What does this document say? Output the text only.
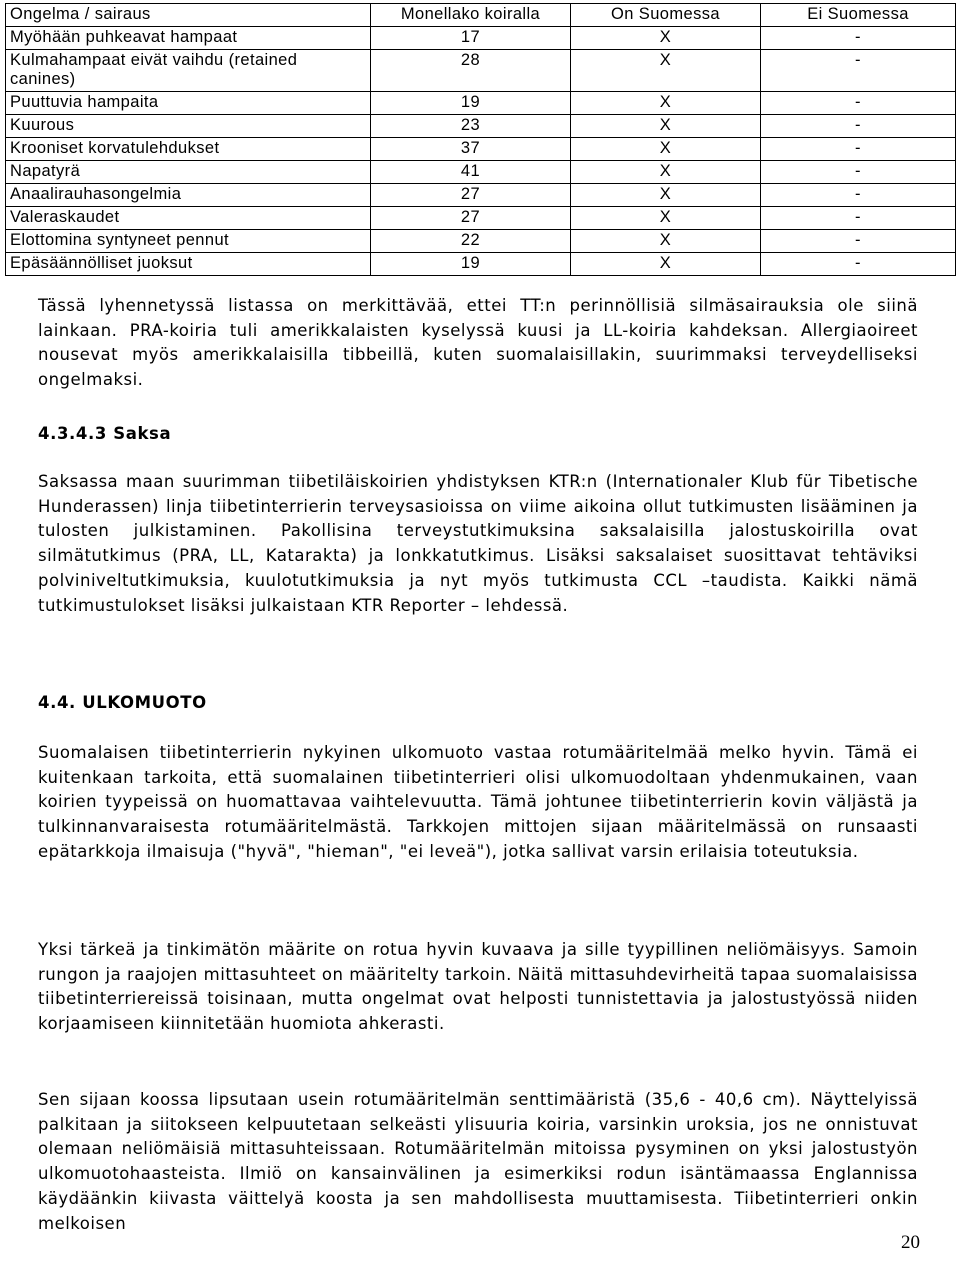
Ongelma / sairaus	Monellako koiralla	On Suomessa	Ei Suomessa
Myöhään puhkeavat hampaat	17	X	-
Kulmahampaat eivät vaihdu (retained canines)	28	X	-
Puuttuvia hampaita	19	X	-
Kuurous	23	X	-
Krooniset korvatulehdukset	37	X	-
Napatyrä	41	X	-
Anaalirauhasongelmia	27	X	-
Valeraskaudet	27	X	-
Elottomina syntyneet pennut	22	X	-
Epäsäännölliset juoksut	19	X	-

Tässä lyhennetyssä listassa on merkittävää, ettei TT:n perinnöllisiä silmäsairauksia ole siinä lainkaan. PRA-koiria tuli amerikkalaisten kyselyssä kuusi ja LL-koiria kahdeksan. Allergiaoireet nousevat myös amerikkalaisilla tibbeillä, kuten suomalaisillakin, suurimmaksi terveydelliseksi ongelmaksi.

4.3.4.3 Saksa

Saksassa maan suurimman tiibetiläiskoirien yhdistyksen KTR:n (Internationaler Klub für Tibetische Hunderassen) linja tiibetinterrierin terveysasioissa on viime aikoina ollut tutkimusten lisääminen ja tulosten julkistaminen. Pakollisina terveystutkimuksina saksalaisilla jalostuskoirilla ovat silmätutkimus (PRA, LL, Katarakta) ja lonkkatutkimus. Lisäksi saksalaiset suosittavat tehtäviksi polviniveltutkimuksia, kuulotutkimuksia ja nyt myös tutkimusta CCL –taudista. Kaikki nämä tutkimustulokset lisäksi julkaistaan KTR Reporter – lehdessä.

4.4. ULKOMUOTO

Suomalaisen tiibetinterrierin nykyinen ulkomuoto vastaa rotumääritelmää melko hyvin. Tämä ei kuitenkaan tarkoita, että suomalainen tiibetinterrieri olisi ulkomuodoltaan yhdenmukainen, vaan koirien tyypeissä on huomattavaa vaihtelevuutta. Tämä johtunee tiibetinterrierin kovin väljästä ja tulkinnanvaraisesta rotumääritelmästä. Tarkkojen mittojen sijaan määritelmässä on runsaasti epätarkkoja ilmaisuja ("hyvä", "hieman", "ei leveä"), jotka sallivat varsin erilaisia toteutuksia.

Yksi tärkeä ja tinkimätön määrite on rotua hyvin kuvaava ja sille tyypillinen neliömäisyys. Samoin rungon ja raajojen mittasuhteet on määritelty tarkoin. Näitä mittasuhdevirheitä tapaa suomalaisissa tiibetinterriereissä toisinaan, mutta ongelmat ovat helposti tunnistettavia ja jalostustyössä niiden korjaamiseen kiinnitetään huomiota ahkerasti.

Sen sijaan koossa lipsutaan usein rotumääritelmän senttimääristä (35,6 - 40,6 cm). Näyttelyissä palkitaan ja siitokseen kelpuutetaan selkeästi ylisuuria koiria, varsinkin uroksia, jos ne onnistuvat olemaan neliömäisiä mittasuhteissaan. Rotumääritelmän mitoissa pysyminen on yksi jalostustyön ulkomuotohaasteista. Ilmiö on kansainvälinen ja esimerkiksi rodun isäntämaassa Englannissa käydäänkin kiivasta väittelyä koosta ja sen mahdollisesta muuttamisesta. Tiibetinterrieri onkin melkoisen

20
